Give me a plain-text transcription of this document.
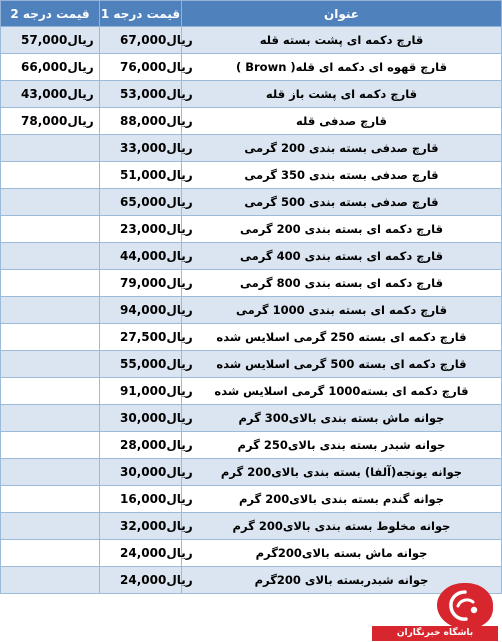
قیمت درجه 2	قیمت درجه 1	عنوان
57,000ریال	67,000ریال	قارچ دکمه ای پشت بسته قله
66,000ریال	76,000ریال	قارچ قهوه ای دکمه ای قله( Brown )
43,000ریال	53,000ریال	قارچ دکمه ای پشت باز قله
78,000ریال	88,000ریال	قارچ صدفی قله
	33,000ریال	قارچ صدفی بسته بندی 200 گرمی
	51,000ریال	قارچ صدفی بسته بندی 350 گرمی
	65,000ریال	قارچ صدفی بسته بندی 500 گرمی
	23,000ریال	قارچ دکمه ای بسته بندی 200 گرمی
	44,000ریال	قارچ دکمه ای بسته بندی 400 گرمی
	79,000ریال	قارچ دکمه ای بسته بندی 800 گرمی
	94,000ریال	قارچ دکمه ای بسته بندی 1000 گرمی
	27,500ریال	قارچ دکمه ای بسته 250 گرمی اسلایس شده
	55,000ریال	قارچ دکمه ای بسته 500 گرمی اسلایس شده
	91,000ریال	قارچ دکمه ای بسته1000 گرمی اسلایس شده
	30,000ریال	جوانه ماش بسته بندی بالای300 گرم
	28,000ریال	جوانه شبدر بسته بندی بالای250 گرم
	30,000ریال	جوانه یونجه(آلفا) بسته بندی بالای200 گرم
	16,000ریال	جوانه گندم بسته بندی بالای200 گرم
	32,000ریال	جوانه مخلوط بسته بندی بالای200 گرم
	24,000ریال	جوانه ماش بسته بالای200گرم
	24,000ریال	جوانه شبدربسته بالای 200گرم
باشگاه خبرنگاران
